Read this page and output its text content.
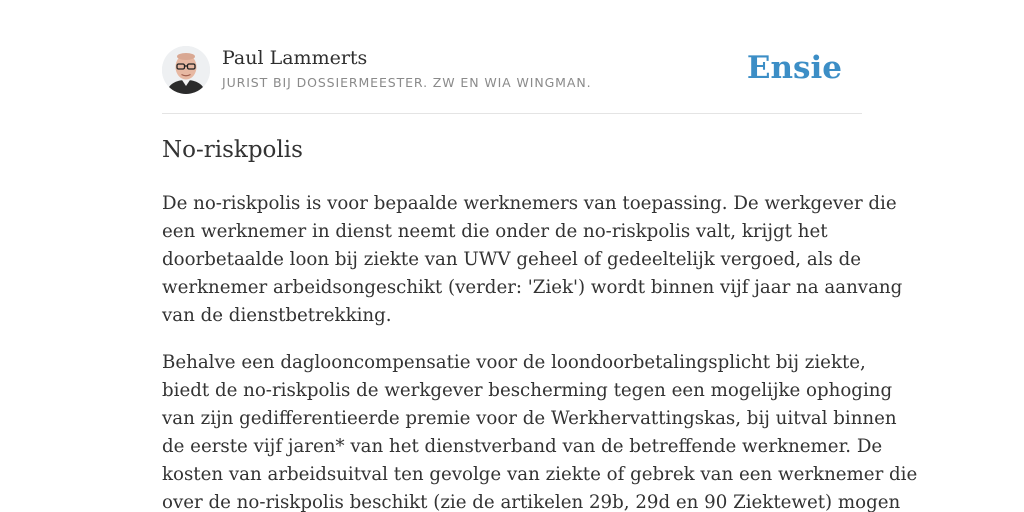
Paul Lammerts
JURIST BIJ DOSSIERMEESTER. ZW EN WIA WINGMAN.	Ensie
No-riskpolis

De no-riskpolis is voor bepaalde werknemers van toepassing. De werkgever die
een werknemer in dienst neemt die onder de no-riskpolis valt, krijgt het
doorbetaalde loon bij ziekte van UWV geheel of gedeeltelijk vergoed, als de
werknemer arbeidsongeschikt (verder: 'Ziek') wordt binnen vijf jaar na aanvang
van de dienstbetrekking.

Behalve een daglooncompensatie voor de loondoorbetalingsplicht bij ziekte,
biedt de no-riskpolis de werkgever bescherming tegen een mogelijke ophoging
van zijn gedifferentieerde premie voor de Werkhervattingskas, bij uitval binnen
de eerste vijf jaren* van het dienstverband van de betreffende werknemer. De
kosten van arbeidsuitval ten gevolge van ziekte of gebrek van een werknemer die
over de no-riskpolis beschikt (zie de artikelen 29b, 29d en 90 Ziektewet) mogen
